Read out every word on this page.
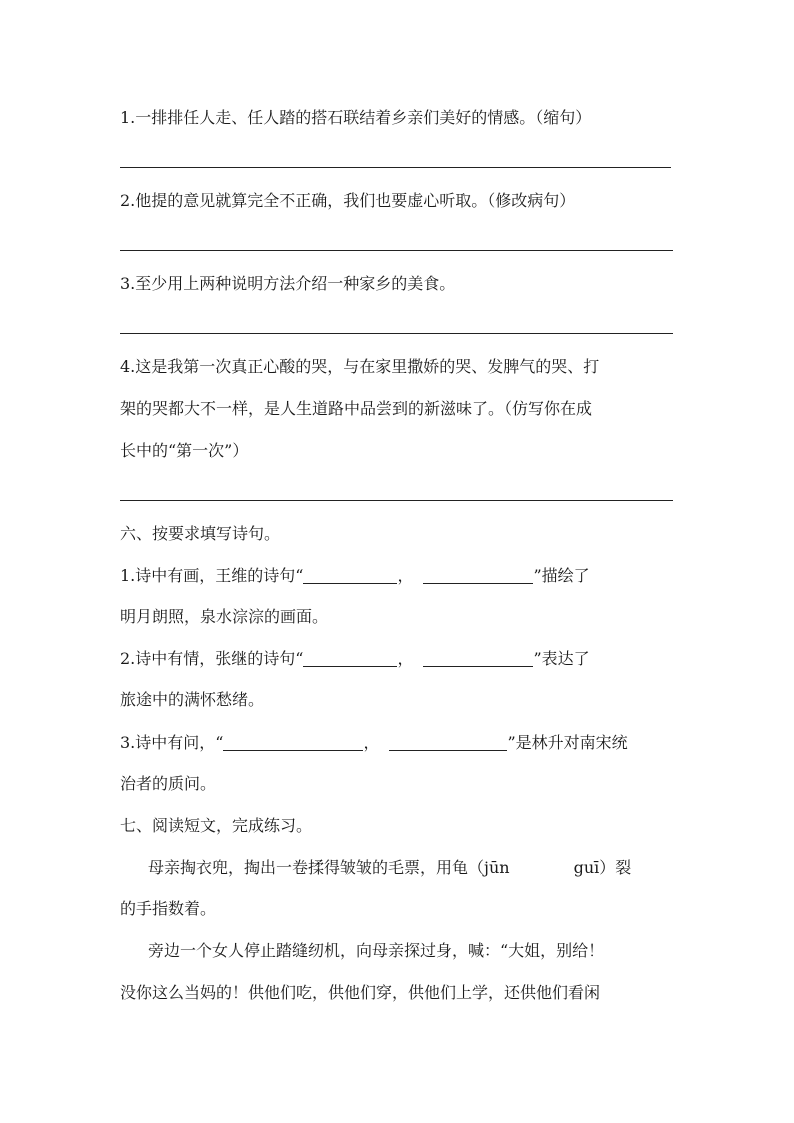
1.一排排任人走、任人踏的搭石联结着乡亲们美好的情感。（缩句）
2.他提的意见就算完全不正确，我们也要虚心听取。（修改病句）
3.至少用上两种说明方法介绍一种家乡的美食。
4.这是我第一次真正心酸的哭，与在家里撒娇的哭、发脾气的哭、打
架的哭都大不一样，是人生道路中品尝到的新滋味了。（仿写你在成
长中的“第一次”）
六、按要求填写诗句。
1.诗中有画，王维的诗句“	，	”描绘了
明月朗照，泉水淙淙的画面。
2.诗中有情，张继的诗句“	，	”表达了
旅途中的满怀愁绪。
3.诗中有问，“	，	”是林升对南宋统
治者的质问。
七、阅读短文，完成练习。
母亲掏衣兜，掏出一卷揉得皱皱的毛票，用龟（jūn	guī）裂
的手指数着。
旁边一个女人停止踏缝纫机，向母亲探过身，喊：“大姐，别给！
没你这么当妈的！供他们吃，供他们穿，供他们上学，还供他们看闲
